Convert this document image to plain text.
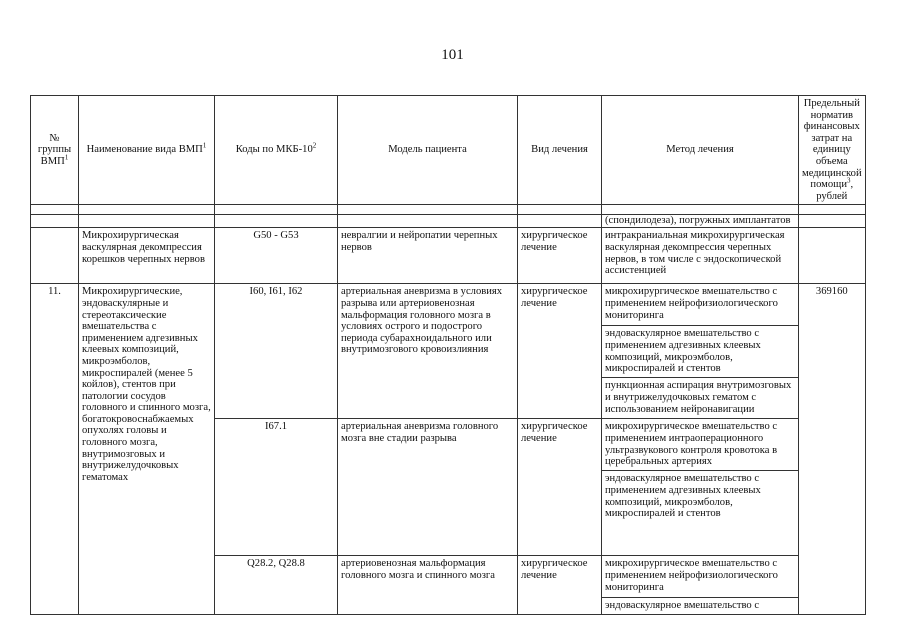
101
№ группы ВМП$^1$	Наименование вида ВМП$^1$	Коды по МКБ-$10^2$	Модель пациента	Вид лечения	Метод лечения	Предельный норматив финансовых затрат на единицу объема медицинской помощи$^3$, рублей

					(спондилодеза), погружных имплантатов	
	Микрохирургическая васкулярная декомпрессия корешков черепных нервов	G50 - G53	невралгии и нейропатии черепных нервов	хирургическое лечение	интракраниальная микрохирургическая васкулярная декомпрессия черепных нервов, в том числе с эндоскопической ассистенцией	
11.	Микрохирургические, эндоваскулярные и стереотаксические вмешательства с применением адгезивных клеевых композиций, микроэмболов, микроспиралей (менее 5 койлов), стентов при патологии сосудов головного и спинного мозга, богатокровоснабжаемых опухолях головы и головного мозга, внутримозговых и внутрижелудочковых гематомах	I60, I61, I62	артериальная аневризма в условиях разрыва или артериовенозная мальформация головного мозга в условиях острого и подострого периода субарахноидального или внутримозгового кровоизлияния	хирургическое лечение	микрохирургическое вмешательство с применением нейрофизиологического мониторинга	369160
					эндоваскулярное вмешательство с применением адгезивных клеевых композиций, микроэмболов, микроспиралей и стентов	
					пункционная аспирация внутримозговых и внутрижелудочковых гематом с использованием нейронавигации	
		I67.1	артериальная аневризма головного мозга вне стадии разрыва	хирургическое лечение	микрохирургическое вмешательство с применением интраоперационного ультразвукового контроля кровотока в церебральных артериях	
					эндоваскулярное вмешательство с применением адгезивных клеевых композиций, микроэмболов, микроспиралей и стентов	
		Q28.2, Q28.8	артериовенозная мальформация головного мозга и спинного мозга	хирургическое лечение	микрохирургическое вмешательство с применением нейрофизиологического мониторинга	
					эндоваскулярное вмешательство с	
